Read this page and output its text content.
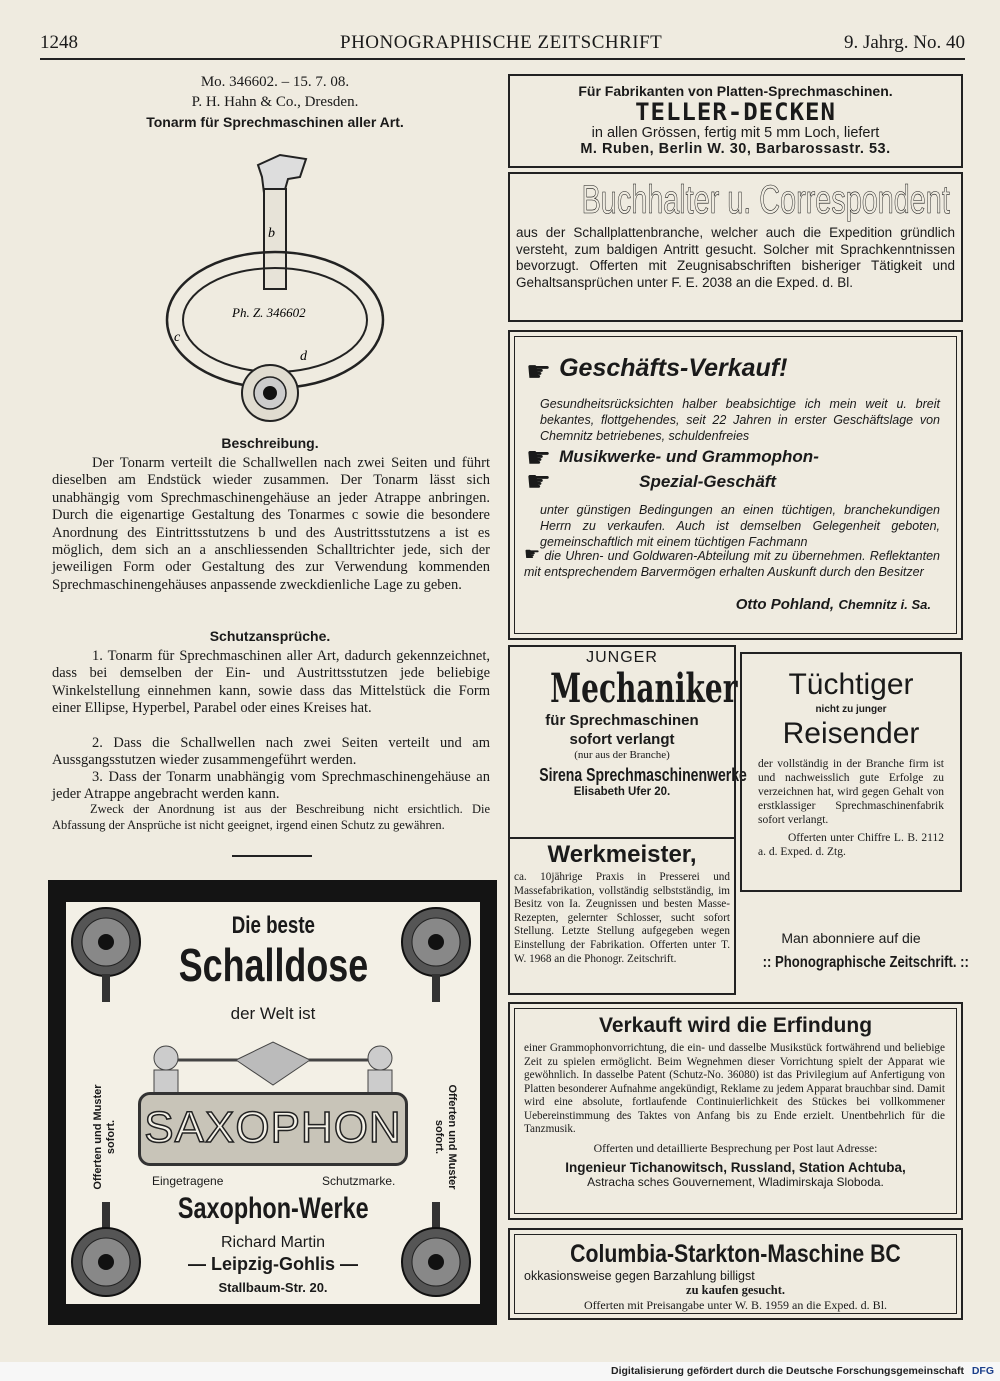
1248	PHONOGRAPHISCHE ZEITSCHRIFT	9. Jahrg. No. 40

Mo. 346602. – 15. 7. 08.

P. H. Hahn & Co., Dresden.

Tonarm für Sprechmaschinen aller Art.

Ph. Z. 346602
b
c
d
Beschreibung.

Der Tonarm verteilt die Schallwellen nach zwei Seiten und führt dieselben am Endstück wieder zusammen. Der Tonarm lässt sich unabhängig vom Sprechmaschinengehäuse an jeder Atrappe anbringen. Durch die eigenartige Gestaltung des Tonarmes c sowie die besondere Anordnung des Eintrittsstutzens b und des Austrittsstutzens a ist es möglich, dem sich an a anschliessenden Schalltrichter jede, sich der jeweiligen Form oder Gestaltung des zur Verwendung kommenden Sprechmaschinengehäuses anpassende zweckdienliche Lage zu geben.

Schutzansprüche.

1. Tonarm für Sprechmaschinen aller Art, dadurch gekennzeichnet, dass bei demselben der Ein- und Austrittsstutzen jede beliebige Winkelstellung einnehmen kann, sowie dass das Mittelstück die Form einer Ellipse, Hyperbel, Parabel oder eines Kreises hat.

2. Dass die Schallwellen nach zwei Seiten verteilt und am Aussgangsstutzen wieder zusammengeführt werden.

3. Dass der Tonarm unabhängig vom Sprechmaschinengehäuse an jeder Atrappe angebracht werden kann.

Zweck der Anordnung ist aus der Beschreibung nicht ersichtlich. Die Abfassung der Ansprüche ist nicht geeignet, irgend einen Schutz zu gewähren.

Die beste
Schalldose
der Welt ist
SAXOPHON
Offerten und Muster sofort.	Offerten und Muster sofort.
Eingetragene	Schutzmarke.
Saxophon-Werke
Richard Martin
— Leipzig-Gohlis —
Stallbaum-Str. 20.

Für Fabrikanten von Platten-Sprechmaschinen.

TELLER-DECKEN

in allen Grössen, fertig mit 5 mm Loch, liefert

M. Ruben, Berlin W. 30, Barbarossastr. 53.

Buchhalter u. Correspondent

aus der Schallplattenbranche, welcher auch die Expedition gründlich versteht, zum baldigen Antritt gesucht. Solcher mit Sprachkenntnissen bevorzugt. Offerten mit Zeugnisabschriften bisheriger Tätigkeit und Gehaltsansprüchen unter F. E. 2038 an die Exped. d. Bl.

☛ Geschäfts-Verkauf!

Gesundheitsrücksichten halber beabsichtige ich mein weit u. breit bekantes, flottgehendes, seit 22 Jahren in erster Geschäftslage von Chemnitz betriebenes, schuldenfreies

☛ Musikwerke- und Grammophon-
☛	Spezial-Geschäft

unter günstigen Bedingungen an einen tüchtigen, branchekundigen Herrn zu verkaufen. Auch ist demselben Gelegenheit geboten, gemeinschaftlich mit einem tüchtigen Fachmann

☛ die Uhren- und Goldwaren-Abteilung mit zu übernehmen. Reflektanten mit entsprechendem Barvermögen erhalten Auskunft durch den Besitzer
Otto Pohland, Chemnitz i. Sa.

JUNGER

Mechaniker

für Sprechmaschinen

sofort verlangt

(nur aus der Branche)

Sirena Sprechmaschinenwerke

Elisabeth Ufer 20.

Werkmeister,

ca. 10jährige Praxis in Presserei und Massefabrikation, vollständig selbstständig, im Besitz von Ia. Zeugnissen und besten Masse-Rezepten, gelernter Schlosser, sucht sofort Stellung. Letzte Stellung aufgegeben wegen Einstellung der Fabrikation. Offerten unter T. W. 1968 an die Phonogr. Zeitschrift.

Tüchtiger

nicht zu junger

Reisender

der vollständig in der Branche firm ist und nachweisslich gute Erfolge zu verzeichnen hat, wird gegen Gehalt von erstklassiger Sprechmaschinenfabrik sofort verlangt.

Offerten unter Chiffre L. B. 2112 a. d. Exped. d. Ztg.

Man abonniere auf die

:: Phonographische Zeitschrift. ::

Verkauft wird die Erfindung

einer Grammophonvorrichtung, die ein- und dasselbe Musikstück fortwährend und beliebige Zeit zu spielen ermöglicht. Beim Wegnehmen dieser Vorrichtung spielt der Apparat wie gewöhnlich. In dasselbe Patent (Schutz-No. 36080) ist das Privilegium auf Anfertigung von Platten besonderer Aufnahme angekündigt, Reklame zu jedem Apparat brauchbar sind. Damit wird eine absolute, fortlaufende Continuierlichkeit des Stückes bei vollkommener Uebereinstimmung des Taktes von Anfang bis zu Ende erzielt. Unentbehrlich für die Tanzmusik.

Offerten und detaillierte Besprechung per Post laut Adresse:

Ingenieur Tichanowitsch, Russland, Station Achtuba,

Astracha sches Gouvernement, Wladimirskaja Sloboda.

Columbia-Starkton-Maschine BC

okkasionsweise gegen Barzahlung billigst

zu kaufen gesucht.

Offerten mit Preisangabe unter W. B. 1959 an die Exped. d. Bl.

Digitalisierung gefördert durch die Deutsche Forschungsgemeinschaft DFG
